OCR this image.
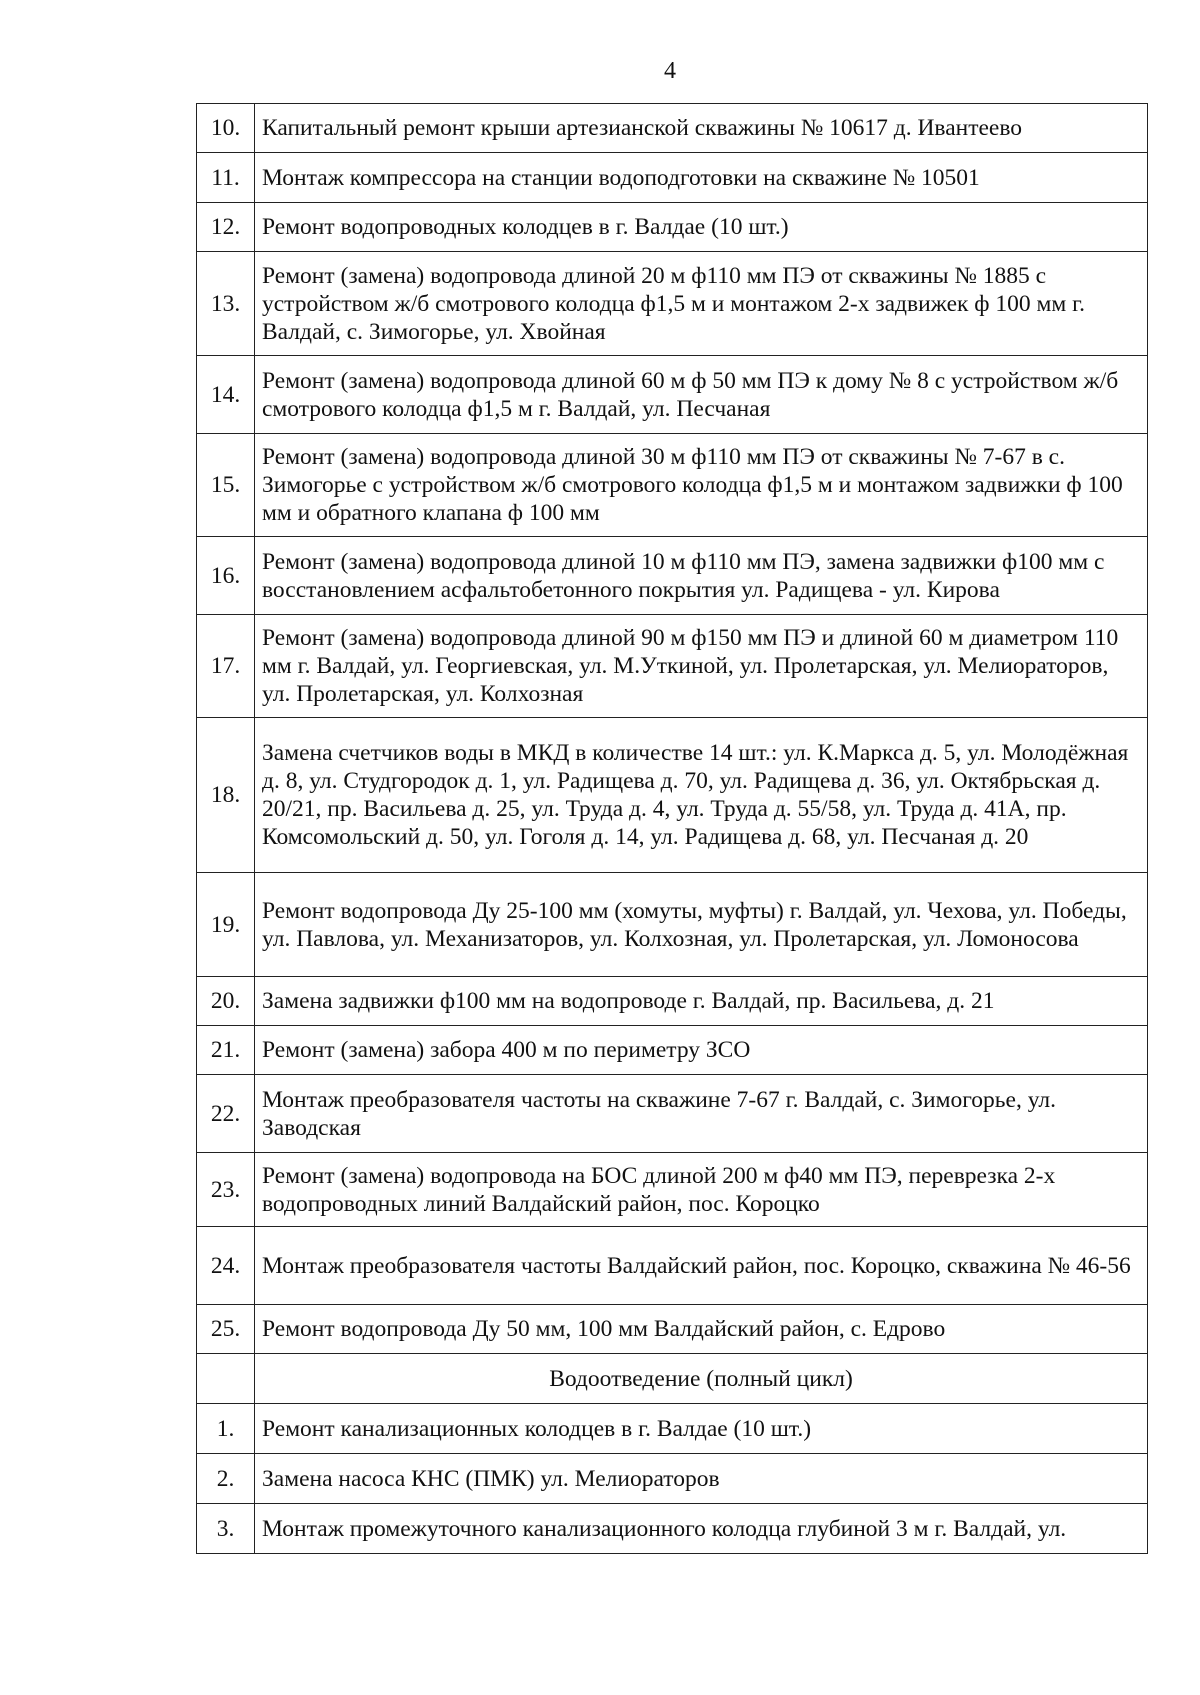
4
10.	Капитальный ремонт крыши артезианской скважины № 10617 д. Ивантеево
11.	Монтаж компрессора на станции водоподготовки на скважине № 10501
12.	Ремонт водопроводных колодцев в г. Валдае (10 шт.)
13.	Ремонт (замена) водопровода длиной 20 м ф110 мм ПЭ от скважины № 1885 с устройством ж/б смотрового колодца ф1,5 м и монтажом 2-х задвижек ф 100 мм г. Валдай, с. Зимогорье, ул. Хвойная
14.	Ремонт (замена) водопровода длиной 60 м ф 50 мм ПЭ к дому № 8 с устройством ж/б смотрового колодца ф1,5 м г. Валдай, ул. Песчаная
15.	Ремонт (замена) водопровода длиной 30 м ф110 мм ПЭ от скважины № 7-67 в с. Зимогорье с устройством ж/б смотрового колодца ф1,5 м и монтажом задвижки ф 100 мм и обратного клапана ф 100 мм
16.	Ремонт (замена) водопровода длиной 10 м ф110 мм ПЭ, замена задвижки ф100 мм с восстановлением асфальтобетонного покрытия ул. Радищева - ул. Кирова
17.	Ремонт (замена) водопровода длиной 90 м ф150 мм ПЭ и длиной 60 м диаметром 110 мм г. Валдай, ул. Георгиевская, ул. М.Уткиной, ул. Пролетарская, ул. Мелиораторов, ул. Пролетарская, ул. Колхозная
18.	Замена счетчиков воды в МКД в количестве 14 шт.: ул. К.Маркса д. 5, ул. Молодёжная д. 8, ул. Студгородок д. 1, ул. Радищева д. 70, ул. Радищева д. 36, ул. Октябрьская д. 20/21, пр. Васильева д. 25, ул. Труда д. 4, ул. Труда д. 55/58, ул. Труда д. 41А, пр. Комсомольский д. 50, ул. Гоголя д. 14, ул. Радищева д. 68, ул. Песчаная д. 20
19.	Ремонт водопровода Ду 25-100 мм (хомуты, муфты) г. Валдай, ул. Чехова, ул. Победы, ул. Павлова, ул. Механизаторов, ул. Колхозная, ул. Пролетарская, ул. Ломоносова
20.	Замена задвижки ф100 мм на водопроводе г. Валдай, пр. Васильева, д. 21
21.	Ремонт (замена) забора 400 м по периметру ЗСО
22.	Монтаж преобразователя частоты на скважине 7-67 г. Валдай, с. Зимогорье, ул. Заводская
23.	Ремонт (замена) водопровода на БОС длиной 200 м ф40 мм ПЭ, переврезка 2-х водопроводных линий Валдайский район, пос. Короцко
24.	Монтаж преобразователя частоты Валдайский район, пос. Короцко, скважина № 46-56
25.	Ремонт водопровода Ду 50 мм, 100 мм Валдайский район, с. Едрово
	Водоотведение (полный цикл)
1.	Ремонт канализационных колодцев в г. Валдае (10 шт.)
2.	Замена насоса КНС (ПМК) ул. Мелиораторов
3.	Монтаж промежуточного канализационного колодца глубиной 3 м г. Валдай, ул.
